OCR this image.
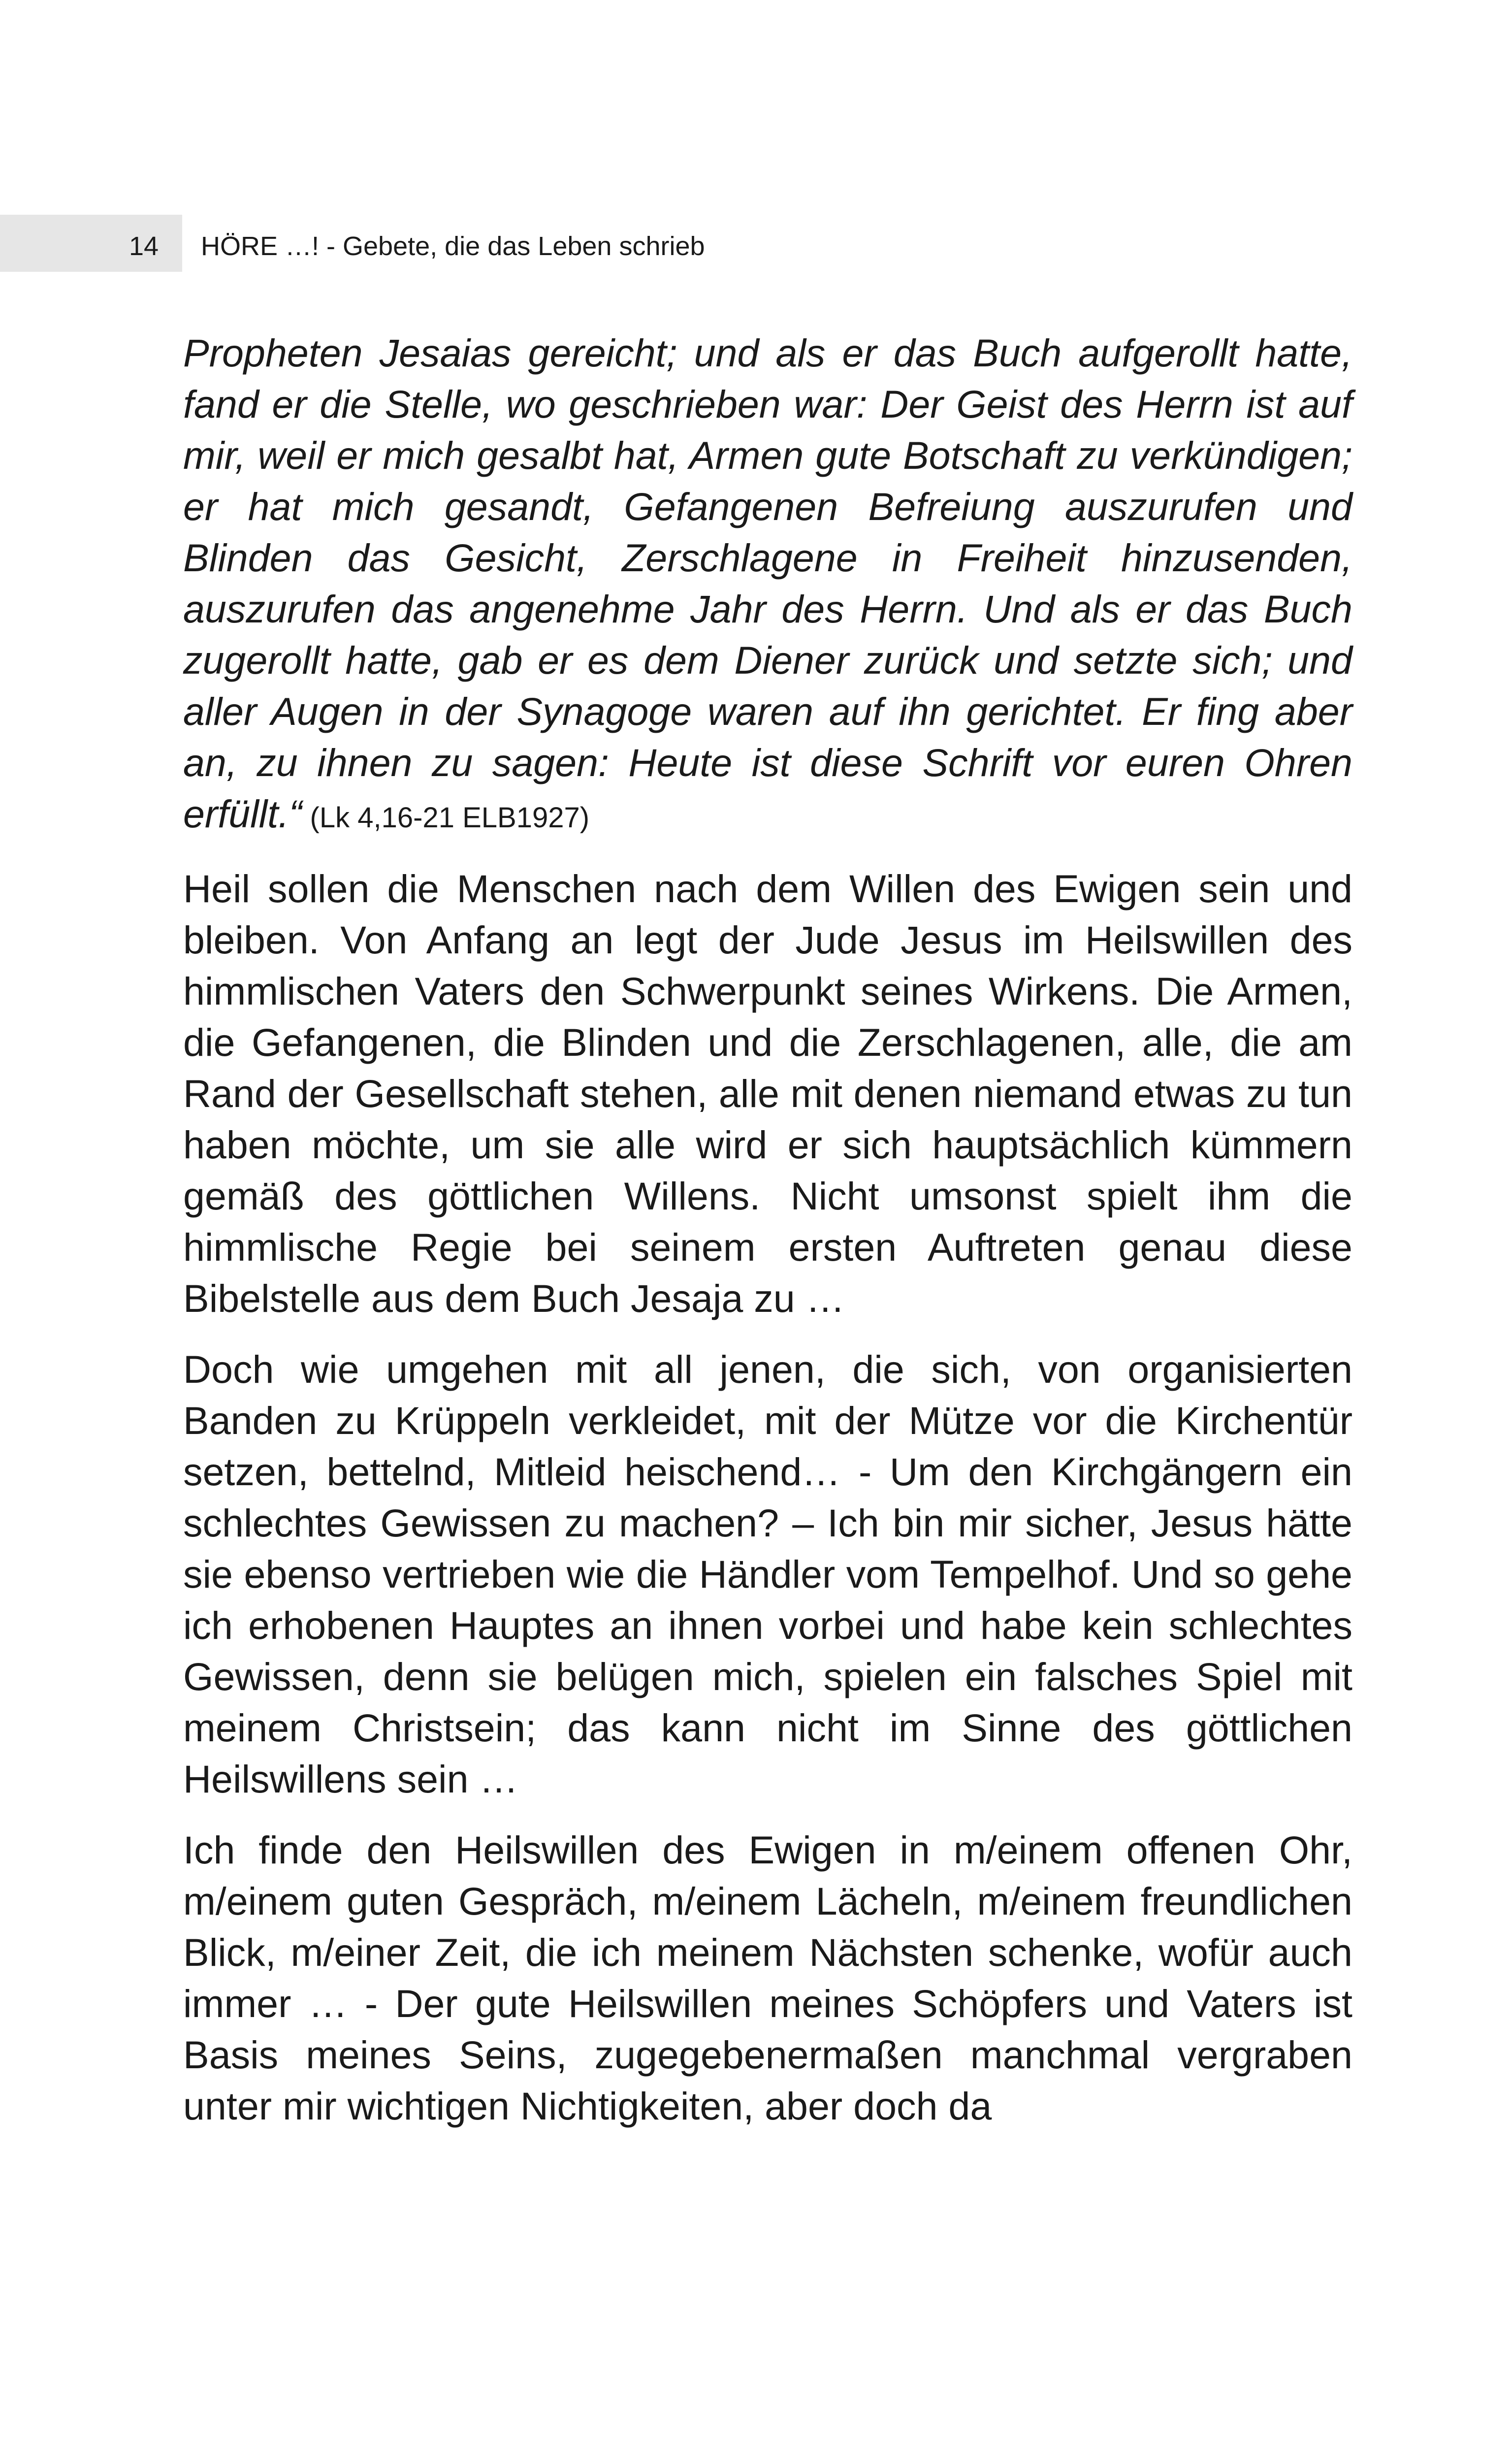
14 HÖRE …! - Gebete, die das Leben schrieb

Propheten Jesaias gereicht; und als er das Buch aufgerollt hatte, fand er die Stelle, wo geschrieben war: Der Geist des Herrn ist auf mir, weil er mich gesalbt hat, Armen gute Botschaft zu verkündigen; er hat mich gesandt, Gefangenen Befreiung auszurufen und Blinden das Gesicht, Zerschlagene in Freiheit hinzusenden, auszurufen das angenehme Jahr des Herrn. Und als er das Buch zugerollt hatte, gab er es dem Diener zurück und setzte sich; und aller Augen in der Synagoge waren auf ihn gerichtet. Er fing aber an, zu ihnen zu sagen: Heute ist diese Schrift vor euren Ohren erfüllt.“ (Lk 4,16-21 ELB1927)

Heil sollen die Menschen nach dem Willen des Ewigen sein und bleiben. Von Anfang an legt der Jude Jesus im Heilswillen des himmlischen Vaters den Schwerpunkt seines Wirkens. Die Armen, die Gefangenen, die Blinden und die Zerschlagenen, alle, die am Rand der Gesellschaft stehen, alle mit denen niemand etwas zu tun haben möchte, um sie alle wird er sich hauptsächlich kümmern gemäß des göttlichen Willens. Nicht umsonst spielt ihm die himmlische Regie bei seinem ersten Auftreten genau diese Bibelstelle aus dem Buch Jesaja zu …

Doch wie umgehen mit all jenen, die sich, von organisierten Banden zu Krüppeln verkleidet, mit der Mütze vor die Kirchentür setzen, bettelnd, Mitleid heischend… - Um den Kirchgängern ein schlechtes Gewissen zu machen? – Ich bin mir sicher, Jesus hätte sie ebenso vertrieben wie die Händler vom Tempelhof. Und so gehe ich erhobenen Hauptes an ihnen vorbei und habe kein schlechtes Gewissen, denn sie belügen mich, spielen ein falsches Spiel mit meinem Christsein; das kann nicht im Sinne des göttlichen Heilswillens sein …

Ich finde den Heilswillen des Ewigen in m/einem offenen Ohr, m/einem guten Gespräch, m/einem Lächeln, m/einem freundlichen Blick, m/einer Zeit, die ich meinem Nächsten schenke, wofür auch immer … - Der gute Heilswillen meines Schöpfers und Vaters ist Basis meines Seins, zugegebenermaßen manchmal vergraben unter mir wichtigen Nichtigkeiten, aber doch da
